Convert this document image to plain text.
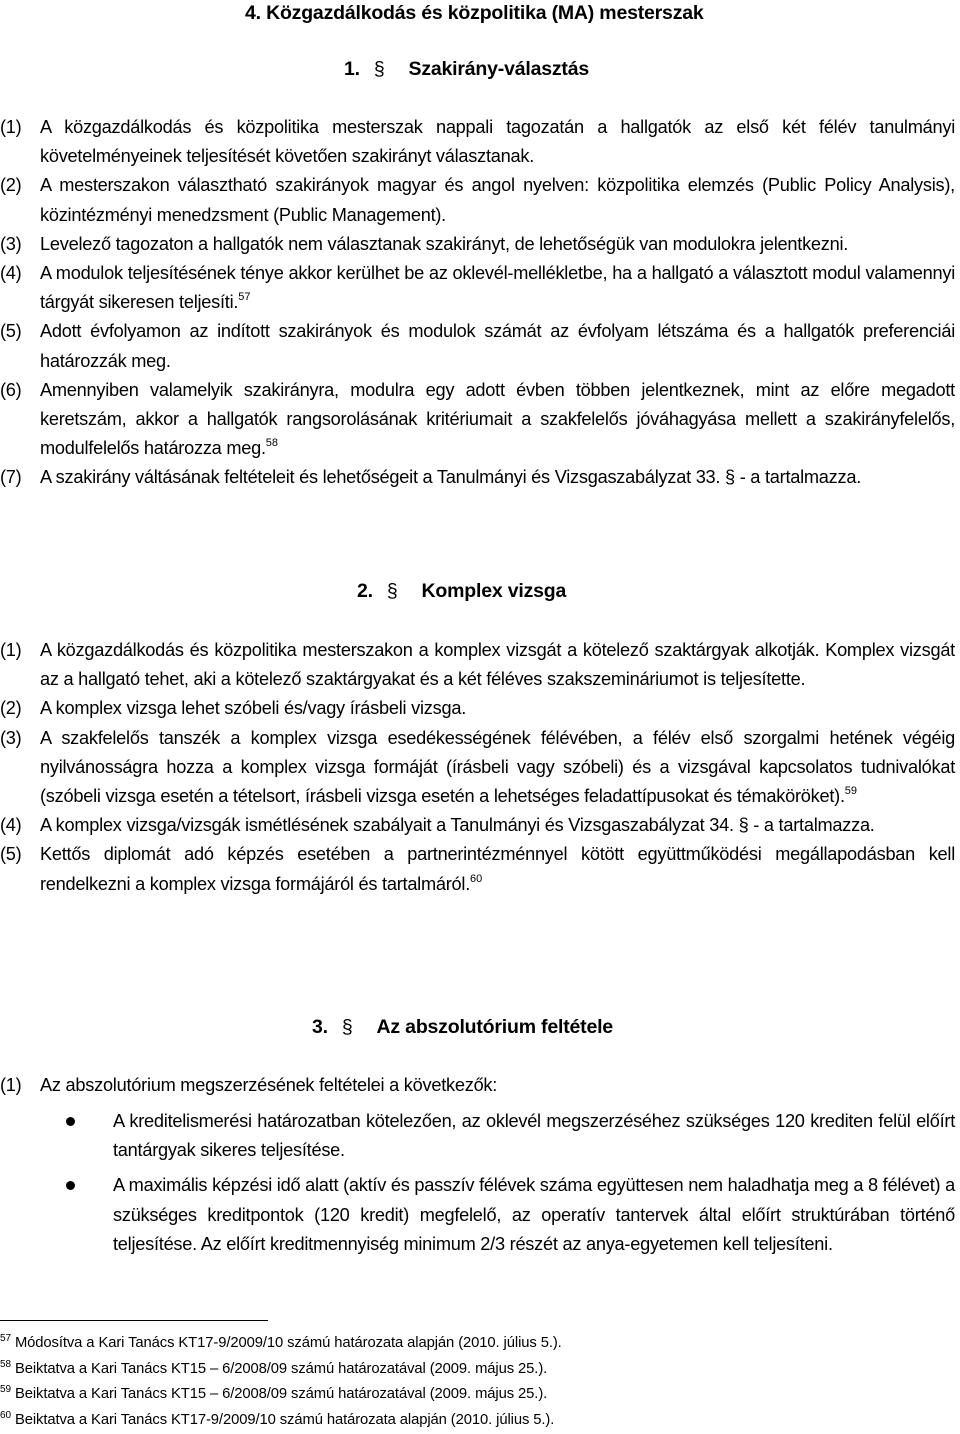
4. Közgazdálkodás és közpolitika (MA) mesterszak
1. § Szakirány-választás
(1)	A közgazdálkodás és közpolitika mesterszak nappali tagozatán a hallgatók az első két félév tanulmányi követelményeinek teljesítését követően szakirányt választanak.
(2)	A mesterszakon választható szakirányok magyar és angol nyelven: közpolitika elemzés (Public Policy Analysis), közintézményi menedzsment (Public Management).
(3)	Levelező tagozaton a hallgatók nem választanak szakirányt, de lehetőségük van modulokra jelentkezni.
(4)	A modulok teljesítésének ténye akkor kerülhet be az oklevél-mellékletbe, ha a hallgató a választott modul valamennyi tárgyát sikeresen teljesíti.$^{57}$
(5)	Adott évfolyamon az indított szakirányok és modulok számát az évfolyam létszáma és a hallgatók preferenciái határozzák meg.
(6)	Amennyiben valamelyik szakirányra, modulra egy adott évben többen jelentkeznek, mint az előre megadott keretszám, akkor a hallgatók rangsorolásának kritériumait a szakfelelős jóváhagyása mellett a szakirányfelelős, modulfelelős határozza meg.$^{58}$
(7)	A szakirány váltásának feltételeit és lehetőségeit a Tanulmányi és Vizsgaszabályzat 33. § - a tartalmazza.
2. § Komplex vizsga
(1)	A közgazdálkodás és közpolitika mesterszakon a komplex vizsgát a kötelező szaktárgyak alkotják. Komplex vizsgát az a hallgató tehet, aki a kötelező szaktárgyakat és a két féléves szakszemináriumot is teljesítette.
(2)	A komplex vizsga lehet szóbeli és/vagy írásbeli vizsga.
(3)	A szakfelelős tanszék a komplex vizsga esedékességének félévében, a félév első szorgalmi hetének végéig nyilvánosságra hozza a komplex vizsga formáját (írásbeli vagy szóbeli) és a vizsgával kapcsolatos tudnivalókat (szóbeli vizsga esetén a tételsort, írásbeli vizsga esetén a lehetséges feladattípusokat és témaköröket).$^{59}$
(4)	A komplex vizsga/vizsgák ismétlésének szabályait a Tanulmányi és Vizsgaszabályzat 34. § - a tartalmazza.
(5)	Kettős diplomát adó képzés esetében a partnerintézménnyel kötött együttműködési megállapodásban kell rendelkezni a komplex vizsga formájáról és tartalmáról.$^{60}$
3. § Az abszolutórium feltétele
(1)	Az abszolutórium megszerzésének feltételei a következők:
A kreditelismerési határozatban kötelezően, az oklevél megszerzéséhez szükséges 120 krediten felül előírt tantárgyak sikeres teljesítése.
A maximális képzési idő alatt (aktív és passzív félévek száma együttesen nem haladhatja meg a 8 félévet) a szükséges kreditpontok (120 kredit) megfelelő, az operatív tantervek által előírt struktúrában történő teljesítése. Az előírt kreditmennyiség minimum 2/3 részét az anya-egyetemen kell teljesíteni.
$^{57}$ Módosítva a Kari Tanács KT17-9/2009/10 számú határozata alapján (2010. július 5.).
$^{58}$ Beiktatva a Kari Tanács KT15 – 6/2008/09 számú határozatával (2009. május 25.).
$^{59}$ Beiktatva a Kari Tanács KT15 – 6/2008/09 számú határozatával (2009. május 25.).
$^{60}$ Beiktatva a Kari Tanács KT17-9/2009/10 számú határozata alapján (2010. július 5.).
